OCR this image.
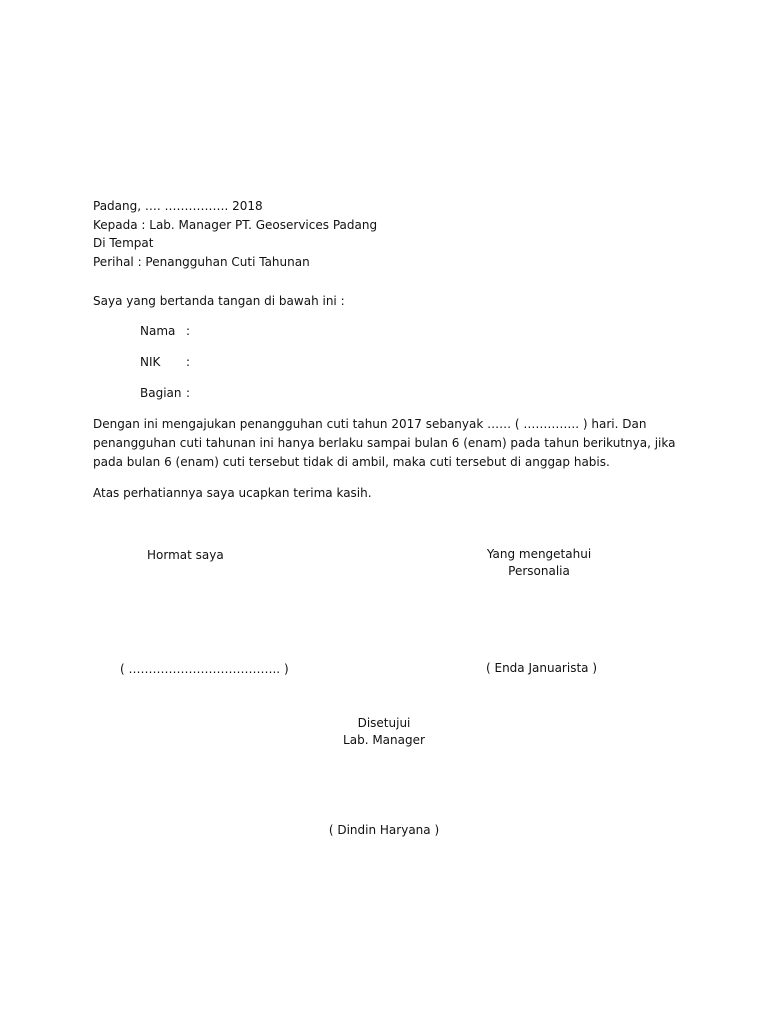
Padang, …. ……………. 2018
Kepada : Lab. Manager PT. Geoservices Padang
Di Tempat
Perihal : Penangguhan Cuti Tahunan
Saya yang bertanda tangan di bawah ini :
Nama :
NIK :
Bagian :
Dengan ini mengajukan penangguhan cuti tahun 2017 sebanyak …… ( ………….. ) hari. Dan
penangguhan cuti tahunan ini hanya berlaku sampai bulan 6 (enam) pada tahun berikutnya, jika
pada bulan 6 (enam) cuti tersebut tidak di ambil, maka cuti tersebut di anggap habis.
Atas perhatiannya saya ucapkan terima kasih.
Hormat saya	Yang mengetahui
Personalia
( ……………………………….. )	( Enda Januarista )
Disetujui
Lab. Manager
( Dindin Haryana )
